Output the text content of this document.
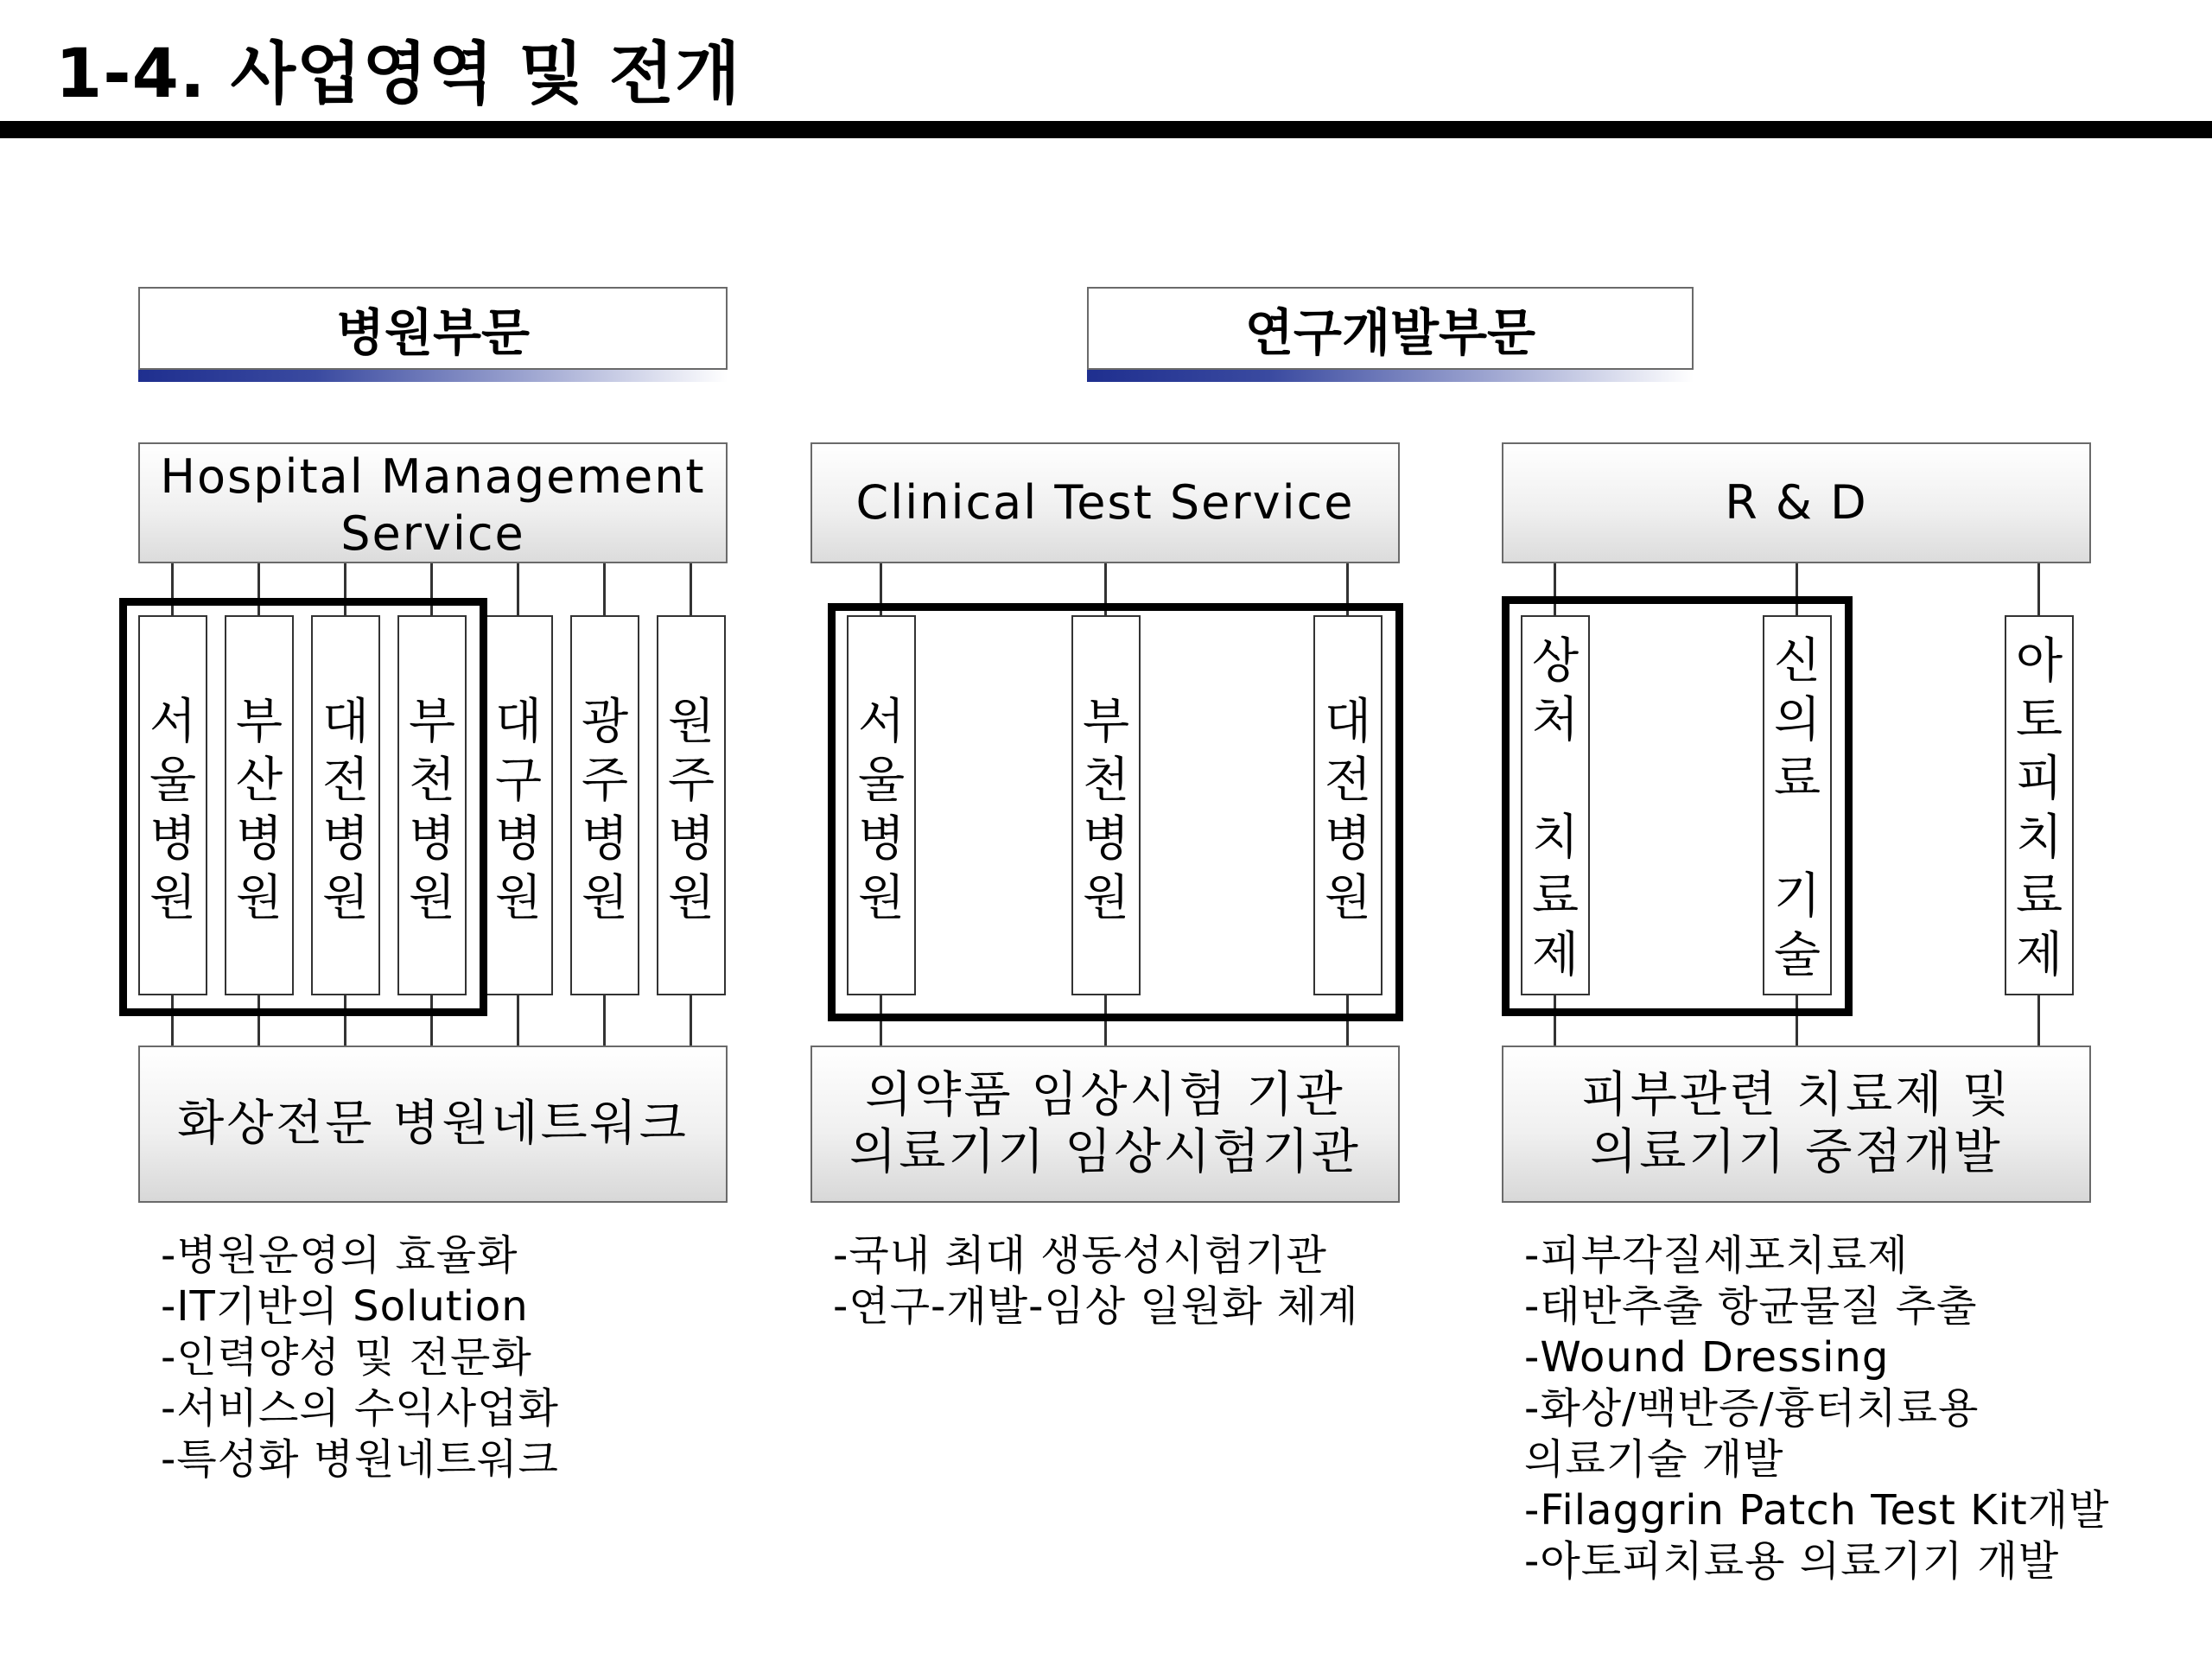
1-4. 사업영역 및 전개
병원부문	연구개발부문
Hospital Management
Service
서
울
병
원
부
산
병
원
대
전
병
원
부
천
병
원
대
구
병
원
광
주
병
원
원
주
병
원
화상전문 병원네트워크
-병원운영의 효율화
-IT기반의 Solution
-인력양성 및 전문화
-서비스의 수익사업화
-특성화 병원네트워크
Clinical Test Service
서
울
병
원
부
천
병
원
대
전
병
원
의약품 임상시험 기관
의료기기 임상시험기관
-국내 최대 생동성시험기관
-연구-개발-임상 일원화 체계
R & D
상
처

치
료
제
신
의
료

기
술
아
토
피
치
료
제
피부관련 치료제 및
의료기기 중점개발
-피부각질세포치료제
-태반추출 항균물질 추출
-Wound Dressing
-화상/백반증/흉터치료용
의료기술 개발
-Filaggrin Patch Test Kit개발
-아토피치료용 의료기기 개발
